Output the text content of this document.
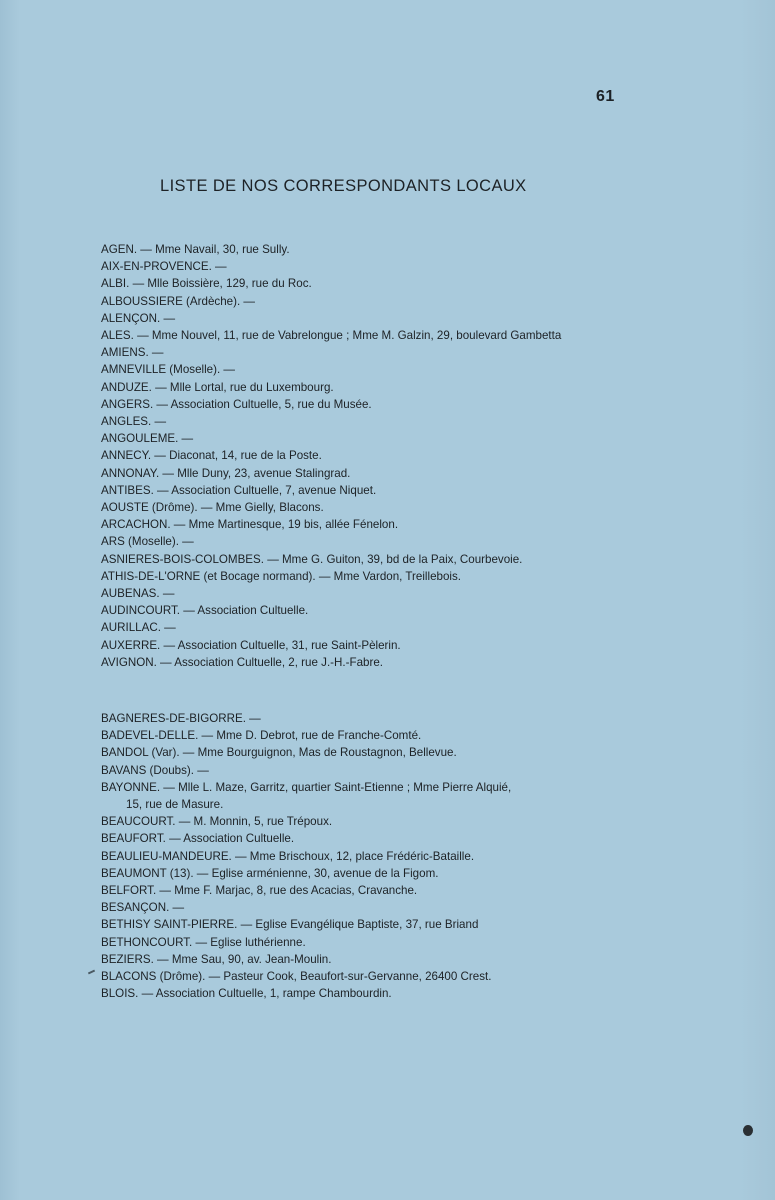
61
LISTE DE NOS CORRESPONDANTS LOCAUX
AGEN. — Mme Navail, 30, rue Sully.
AIX-EN-PROVENCE. —
ALBI. — Mlle Boissière, 129, rue du Roc.
ALBOUSSIERE (Ardèche). —
ALENÇON. —
ALES. — Mme Nouvel, 11, rue de Vabrelongue ; Mme M. Galzin, 29, boulevard Gambetta
AMIENS. —
AMNEVILLE (Moselle). —
ANDUZE. — Mlle Lortal, rue du Luxembourg.
ANGERS. — Association Cultuelle, 5, rue du Musée.
ANGLES. —
ANGOULEME. —
ANNECY. — Diaconat, 14, rue de la Poste.
ANNONAY. — Mlle Duny, 23, avenue Stalingrad.
ANTIBES. — Association Cultuelle, 7, avenue Niquet.
AOUSTE (Drôme). — Mme Gielly, Blacons.
ARCACHON. — Mme Martinesque, 19 bis, allée Fénelon.
ARS (Moselle). —
ASNIERES-BOIS-COLOMBES. — Mme G. Guiton, 39, bd de la Paix, Courbevoie.
ATHIS-DE-L'ORNE (et Bocage normand). — Mme Vardon, Treillebois.
AUBENAS. —
AUDINCOURT. — Association Cultuelle.
AURILLAC. —
AUXERRE. — Association Cultuelle, 31, rue Saint-Pèlerin.
AVIGNON. — Association Cultuelle, 2, rue J.-H.-Fabre.
BAGNERES-DE-BIGORRE. —
BADEVEL-DELLE. — Mme D. Debrot, rue de Franche-Comté.
BANDOL (Var). — Mme Bourguignon, Mas de Roustagnon, Bellevue.
BAVANS (Doubs). —
BAYONNE. — Mlle L. Maze, Garritz, quartier Saint-Etienne ; Mme Pierre Alquié,
15, rue de Masure.
BEAUCOURT. — M. Monnin, 5, rue Trépoux.
BEAUFORT. — Association Cultuelle.
BEAULIEU-MANDEURE. — Mme Brischoux, 12, place Frédéric-Bataille.
BEAUMONT (13). — Eglise arménienne, 30, avenue de la Figom.
BELFORT. — Mme F. Marjac, 8, rue des Acacias, Cravanche.
BESANÇON. —
BETHISY SAINT-PIERRE. — Eglise Evangélique Baptiste, 37, rue Briand
BETHONCOURT. — Eglise luthérienne.
BEZIERS. — Mme Sau, 90, av. Jean-Moulin.
BLACONS (Drôme). — Pasteur Cook, Beaufort-sur-Gervanne, 26400 Crest.
BLOIS. — Association Cultuelle, 1, rampe Chambourdin.
